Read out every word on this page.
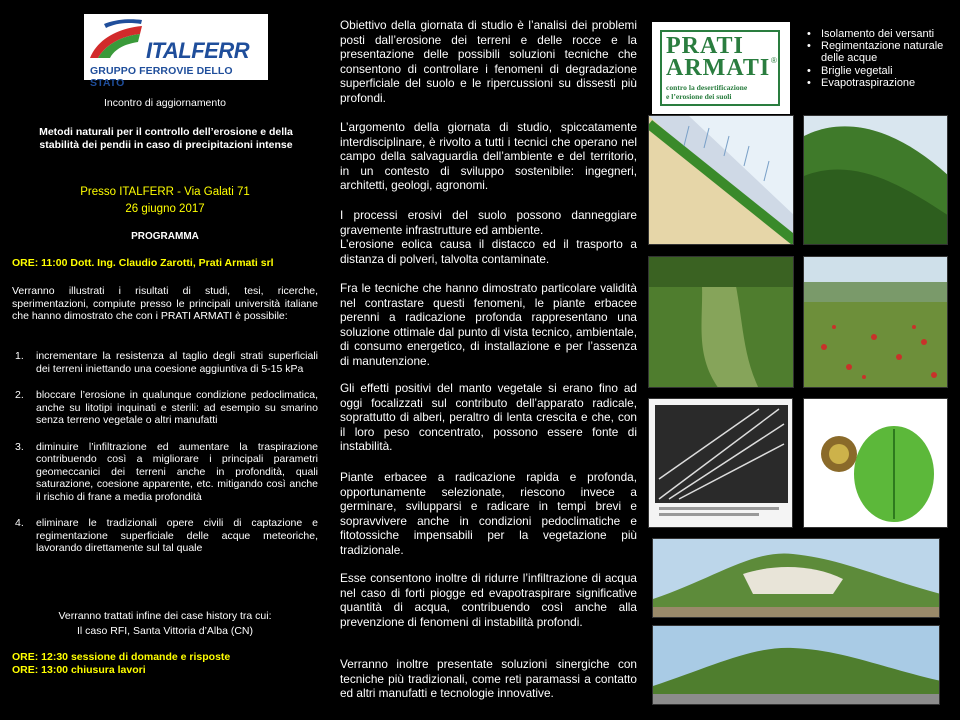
ITALFERR
GRUPPO FERROVIE DELLO STATO
Incontro di aggiornamento
Metodi naturali per il controllo dell’erosione e della stabilità dei pendii in caso di precipitazioni intense
Presso ITALFERR - Via Galati 71
26 giugno 2017
PROGRAMMA
ORE: 11:00 Dott. Ing. Claudio Zarotti, Prati Armati srl
Verranno illustrati i risultati di studi, tesi, ricerche, sperimentazioni, compiute presso le principali università italiane che hanno dimostrato che con i PRATI ARMATI è possibile:
1. incrementare la resistenza al taglio degli strati superficiali dei terreni iniettando una coesione aggiuntiva di 5-15 kPa
2. bloccare l’erosione in qualunque condizione pedoclimatica, anche su litotipi inquinati e sterili: ad esempio su smarino senza terreno vegetale o altri manufatti
3. diminuire l’infiltrazione ed aumentare la traspirazione contribuendo così a migliorare i principali parametri geomeccanici dei terreni anche in profondità, quali saturazione, coesione apparente, etc. mitigando così anche il rischio di frane a media profondità
4. eliminare le tradizionali opere civili di captazione e regimentazione superficiale delle acque meteoriche, lavorando direttamente sul tal quale
Verranno trattati infine dei case history tra cui:
Il caso RFI, Santa Vittoria d’Alba (CN)
ORE: 12:30 sessione di domande e risposte
ORE: 13:00 chiusura lavori
Obiettivo della giornata di studio è l’analisi dei problemi posti dall’erosione dei terreni e delle rocce e la presentazione delle possibili soluzioni tecniche che consentono di controllare i fenomeni di degradazione superficiale del suolo e le ripercussioni su dissesti più profondi.
L’argomento della giornata di studio, spiccatamente interdisciplinare, è rivolto a tutti i tecnici che operano nel campo della salvaguardia dell’ambiente e del territorio, in un contesto di sviluppo sostenibile: ingegneri, architetti, geologi, agronomi.
I processi erosivi del suolo possono danneggiare gravemente infrastrutture ed ambiente.
L’erosione eolica causa il distacco ed il trasporto a distanza di polveri, talvolta contaminate.
Fra le tecniche che hanno dimostrato particolare validità nel contrastare questi fenomeni, le piante erbacee perenni a radicazione profonda rappresentano una soluzione ottimale dal punto di vista tecnico, ambientale, di consumo energetico, di installazione e per l’assenza di manutenzione.
Gli effetti positivi del manto vegetale si erano fino ad oggi focalizzati sul contributo dell’apparato radicale, soprattutto di alberi, peraltro di lenta crescita e che, con il loro peso concentrato, possono essere fonte di instabilità.
Piante erbacee a radicazione rapida e profonda, opportunamente selezionate, riescono invece a germinare, svilupparsi e radicare in tempi brevi e sopravvivere anche in condizioni pedoclimatiche e fitotossiche impensabili per la vegetazione più tradizionale.
Esse consentono inoltre di ridurre l’infiltrazione di acqua nel caso di forti piogge ed evapotraspirare significative quantità di acqua, contribuendo così anche alla prevenzione di fenomeni di instabilità profondi.
Verranno inoltre presentate soluzioni sinergiche con tecniche più tradizionali, come reti paramassi a contatto ed altri manufatti e tecnologie innovative.
PRATI
ARMATI ®
contro la desertificazione
e l’erosione dei suoli
• Isolamento dei versanti
• Regimentazione naturale delle acque
• Briglie vegetali
• Evapotraspirazione
